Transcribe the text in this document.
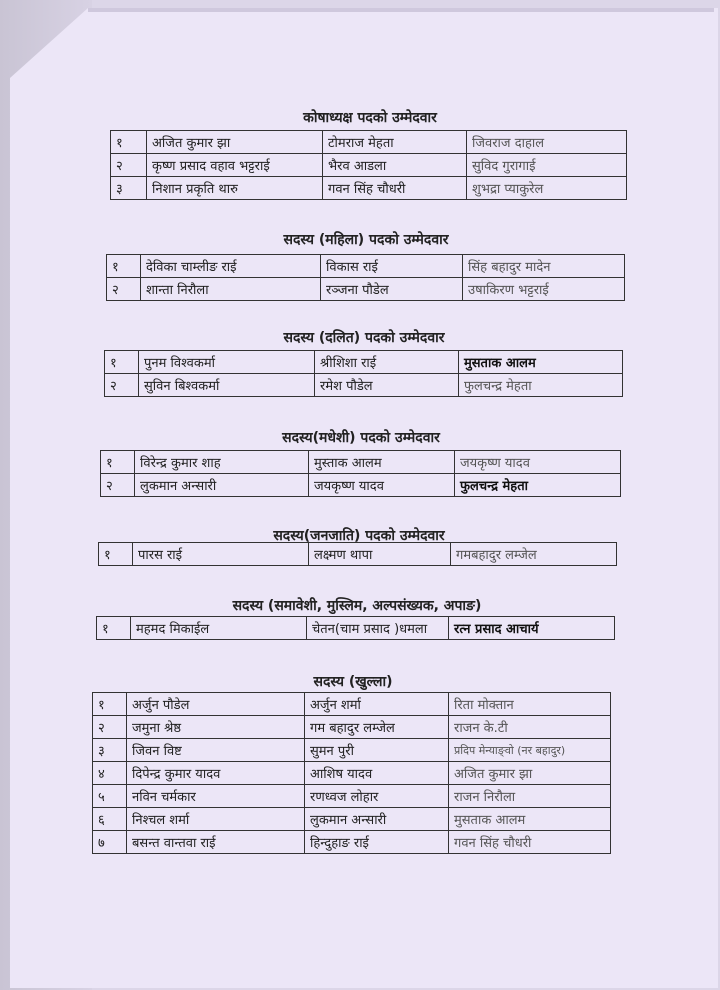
कोषाध्यक्ष पदको उम्मेदवार
१	अजित कुमार झा	टोमराज मेहता	जिवराज दाहाल
२	कृष्ण प्रसाद वहाव भट्टराई	भैरव आडला	सुविद गुरागाई
३	निशान प्रकृति थारु	गवन सिंह चौधरी	शुभद्रा प्याकुरेल
सदस्य (महिला) पदको उम्मेदवार
१	देविका चाम्लीङ राई	विकास राई	सिंह बहादुर मादेन
२	शान्ता निरौला	रञ्जना पौडेल	उषाकिरण भट्टराई
सदस्य (दलित) पदको उम्मेदवार
१	पुनम विश्वकर्मा	श्रीशिशा राई	मुसताक आलम
२	सुविन बिश्वकर्मा	रमेश पौडेल	फुलचन्द्र मेहता
सदस्य(मधेशी) पदको उम्मेदवार
१	विरेन्द्र कुमार शाह	मुस्ताक आलम	जयकृष्ण यादव
२	लुकमान अन्सारी	जयकृष्ण यादव	फुलचन्द्र मेहता
सदस्य(जनजाति) पदको उम्मेदवार
१	पारस राई	लक्ष्मण थापा	गमबहादुर लम्जेल
सदस्य (समावेशी, मुस्लिम, अल्पसंख्यक, अपाङ)
१	महमद मिकाईल	चेतन(चाम प्रसाद )धमला	रत्न प्रसाद आचार्य
सदस्य (खुल्ला)
१	अर्जुन पौडेल	अर्जुन शर्मा	रिता मोक्तान
२	जमुना श्रेष्ठ	गम बहादुर लम्जेल	राजन के.टी
३	जिवन विष्ट	सुमन पुरी	प्रदिप मेन्याङ्वो (नर बहादुर)
४	दिपेन्द्र कुमार यादव	आशिष यादव	अजित कुमार झा
५	नविन चर्मकार	रणध्वज लोहार	राजन निरौला
६	निश्चल शर्मा	लुकमान अन्सारी	मुसताक आलम
७	बसन्त वान्तवा राई	हिन्दुहाङ राई	गवन सिंह चौधरी
